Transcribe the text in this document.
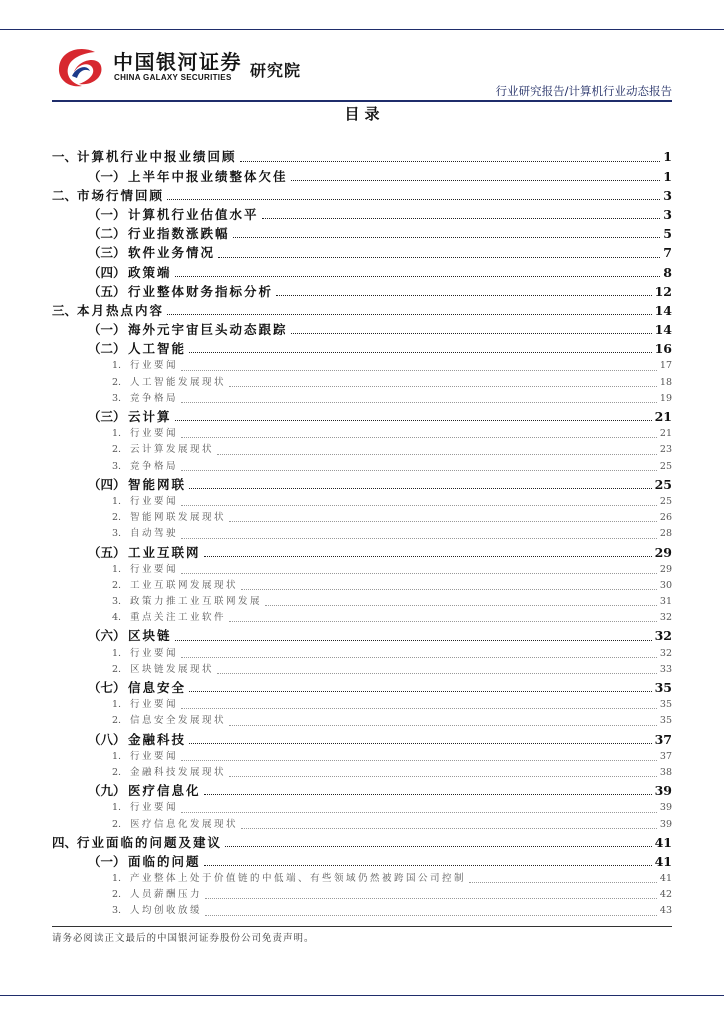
中国银河证券
CHINA GALAXY SECURITIES 研究院
行业研究报告/计算机行业动态报告
目录
一、 计算机行业中报业绩回顾	1
（一） 上半年中报业绩整体欠佳	1
二、 市场行情回顾	3
（一） 计算机行业估值水平	3
（二） 行业指数涨跌幅	5
（三） 软件业务情况	7
（四） 政策端	8
（五） 行业整体财务指标分析	12
三、 本月热点内容	14
（一） 海外元宇宙巨头动态跟踪	14
（二） 人工智能	16
1. 行业要闻	17
2. 人工智能发展现状	18
3. 竞争格局	19
（三） 云计算	21
1. 行业要闻	21
2. 云计算发展现状	23
3. 竞争格局	25
（四） 智能网联	25
1. 行业要闻	25
2. 智能网联发展现状	26
3. 自动驾驶	28
（五） 工业互联网	29
1. 行业要闻	29
2. 工业互联网发展现状	30
3. 政策力推工业互联网发展	31
4. 重点关注工业软件	32
（六） 区块链	32
1. 行业要闻	32
2. 区块链发展现状	33
（七） 信息安全	35
1. 行业要闻	35
2. 信息安全发展现状	35
（八） 金融科技	37
1. 行业要闻	37
2. 金融科技发展现状	38
（九） 医疗信息化	39
1. 行业要闻	39
2. 医疗信息化发展现状	39
四、 行业面临的问题及建议	41
（一） 面临的问题	41
1. 产业整体上处于价值链的中低端、有些领域仍然被跨国公司控制	41
2. 人员薪酬压力	42
3. 人均创收放缓	43
请务必阅读正文最后的中国银河证券股份公司免责声明。
